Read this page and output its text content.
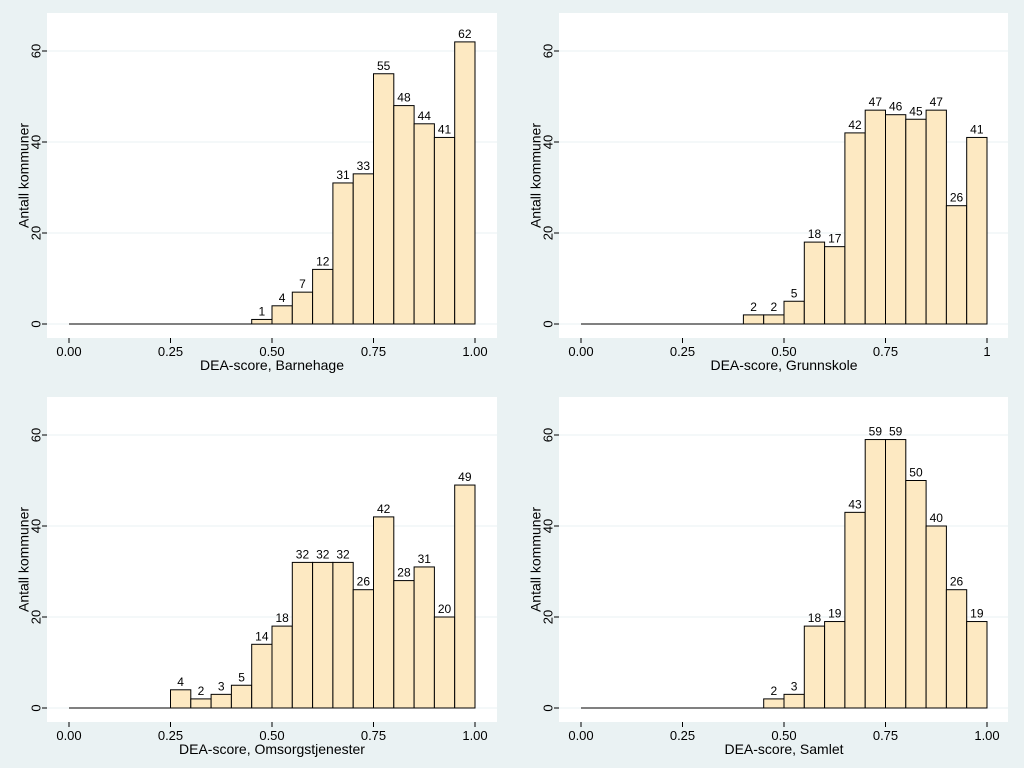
0
20
40
60
0.00	0.25	0.50	0.75	1.00
1
4
7
12
31
33
55
48
44
41
62
DEA-score, Barnehage
Antall kommuner
0
20
40
60
0.00	0.25	0.50	0.75	1
2 2
5
18 17
42
47 46 45
47
26
41
DEA-score, Grunnskole
Antall kommuner
0
20
40
60
0.00	0.25	0.50	0.75	1.00
4
2 3
5
14
18
32 32 32
26
42
28
31
20
49
DEA-score, Omsorgstjenester
Antall kommuner
0
20
40
60
0.00	0.25	0.50	0.75	1.00
2 3
18 19
43
59 59
50
40
26
19
DEA-score, Samlet
Antall kommuner
